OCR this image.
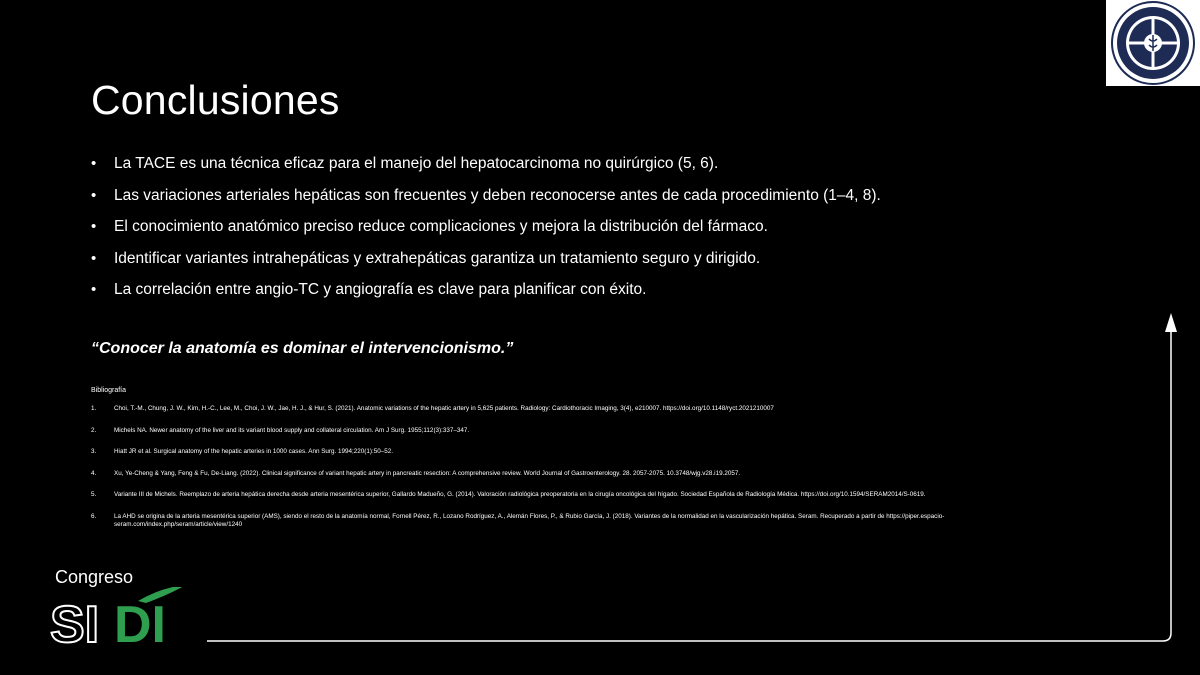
Conclusiones
• La TACE es una técnica eficaz para el manejo del hepatocarcinoma no quirúrgico (5, 6).
• Las variaciones arteriales hepáticas son frecuentes y deben reconocerse antes de cada procedimiento (1–4, 8).
• El conocimiento anatómico preciso reduce complicaciones y mejora la distribución del fármaco.
• Identificar variantes intrahepáticas y extrahepáticas garantiza un tratamiento seguro y dirigido.
• La correlación entre angio-TC y angiografía es clave para planificar con éxito.
“Conocer la anatomía es dominar el intervencionismo.”
Bibliografía
1.	Choi, T.-M., Chung, J. W., Kim, H.-C., Lee, M., Choi, J. W., Jae, H. J., & Hur, S. (2021). Anatomic variations of the hepatic artery in 5,625 patients. Radiology: Cardiothoracic Imaging, 3(4), e210007. https://doi.org/10.1148/ryct.2021210007
2.	Michels NA. Newer anatomy of the liver and its variant blood supply and collateral circulation. Am J Surg. 1955;112(3):337–347.
3.	Hiatt JR et al. Surgical anatomy of the hepatic arteries in 1000 cases. Ann Surg. 1994;220(1):50–52.
4.	Xu, Ye-Cheng & Yang, Feng & Fu, De-Liang. (2022). Clinical significance of variant hepatic artery in pancreatic resection: A comprehensive review. World Journal of Gastroenterology. 28. 2057-2075. 10.3748/wjg.v28.i19.2057.
5.	Variante III de Michels. Reemplazo de arteria hepática derecha desde arteria mesentérica superior, Gallardo Madueño, G. (2014). Valoración radiológica preoperatoria en la cirugía oncológica del hígado. Sociedad Española de Radiología Médica. https://doi.org/10.1594/SERAM2014/S-0619.
6.	La AHD se origina de la arteria mesentérica superior (AMS), siendo el resto de la anatomía normal, Fornell Pérez, R., Lozano Rodríguez, A., Alemán Flores, P., & Rubio García, J. (2018). Variantes de la normalidad en la vascularización hepática. Seram. Recuperado a partir de https://piper.espacio-seram.com/index.php/seram/article/view/1240
Congreso
SI DI
